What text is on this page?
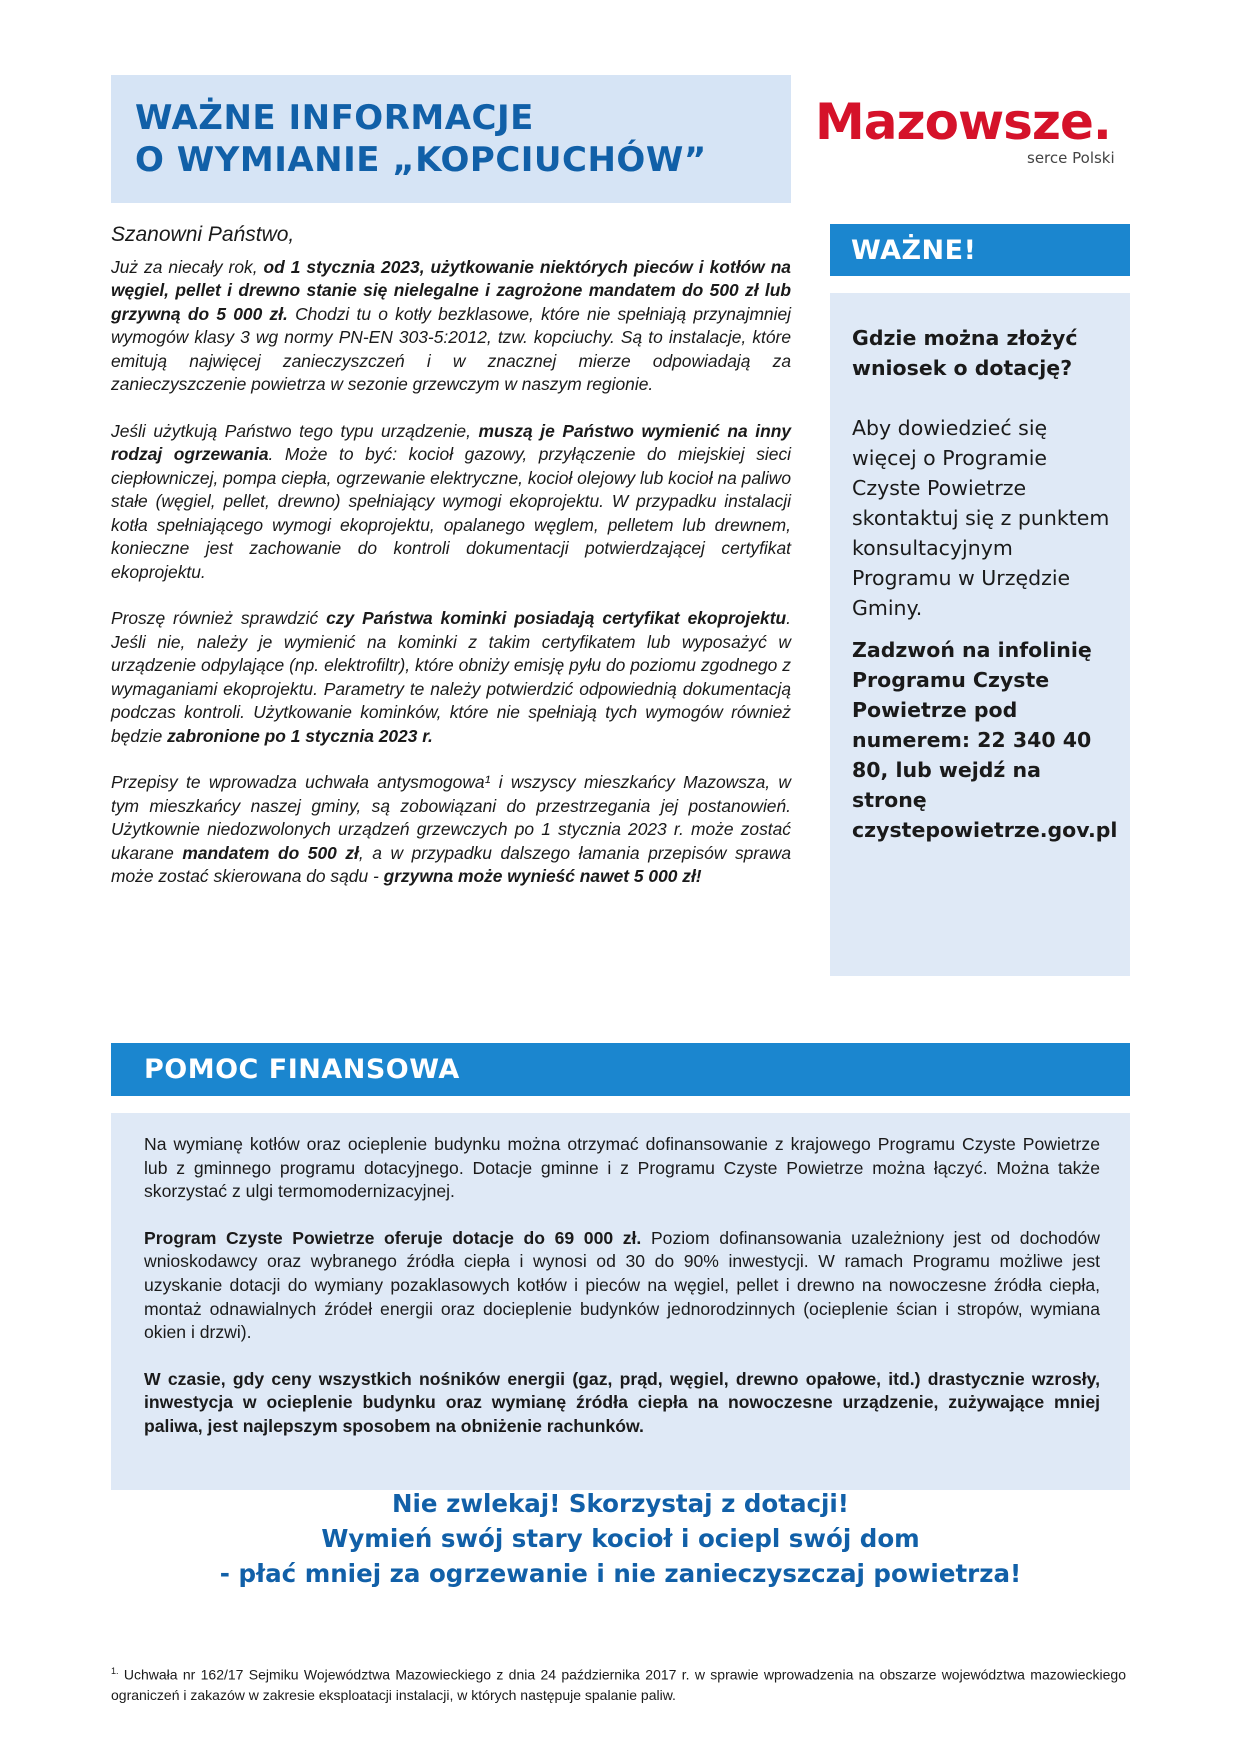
WAŻNE INFORMACJE
O WYMIANIE „KOPCIUCHÓW”
Mazowsze.
serce Polski

Szanowni Państwo,

Już za niecały rok, od 1 stycznia 2023, użytkowanie niektórych pieców i kotłów na węgiel, pellet i drewno stanie się nielegalne i zagrożone mandatem do 500 zł lub grzywną do 5 000 zł. Chodzi tu o kotły bezklasowe, które nie spełniają przynajmniej wymogów klasy 3 wg normy PN-EN 303-5:2012, tzw. kopciuchy. Są to instalacje, które emitują najwięcej zanieczyszczeń i w znacznej mierze odpowiadają za zanieczyszczenie powietrza w sezonie grzewczym w naszym regionie.

Jeśli użytkują Państwo tego typu urządzenie, muszą je Państwo wymienić na inny rodzaj ogrzewania. Może to być: kocioł gazowy, przyłączenie do miejskiej sieci ciepłowniczej, pompa ciepła, ogrzewanie elektryczne, kocioł olejowy lub kocioł na paliwo stałe (węgiel, pellet, drewno) spełniający wymogi ekoprojektu. W przypadku instalacji kotła spełniającego wymogi ekoprojektu, opalanego węglem, pelletem lub drewnem, konieczne jest zachowanie do kontroli dokumentacji potwierdzającej certyfikat ekoprojektu.

Proszę również sprawdzić czy Państwa kominki posiadają certyfikat ekoprojektu. Jeśli nie, należy je wymienić na kominki z takim certyfikatem lub wyposażyć w urządzenie odpylające (np. elektrofiltr), które obniży emisję pyłu do poziomu zgodnego z wymaganiami ekoprojektu. Parametry te należy potwierdzić odpowiednią dokumentacją podczas kontroli. Użytkowanie kominków, które nie spełniają tych wymogów również będzie zabronione po 1 stycznia 2023 r.

Przepisy te wprowadza uchwała antysmogowa¹ i wszyscy mieszkańcy Mazowsza, w tym mieszkańcy naszej gminy, są zobowiązani do przestrzegania jej postanowień. Użytkownie niedozwolonych urządzeń grzewczych po 1 stycznia 2023 r. może zostać ukarane mandatem do 500 zł, a w przypadku dalszego łamania przepisów sprawa może zostać skierowana do sądu - grzywna może wynieść nawet 5 000 zł!

WAŻNE!
Gdzie można złożyć wniosek o dotację?
Aby dowiedzieć się więcej o Programie Czyste Powietrze skontaktuj się z punktem konsultacyjnym Programu w Urzędzie Gminy.
Zadzwoń na infolinię Programu Czyste Powietrze pod numerem: 22 340 40 80, lub wejdź na stronę czystepowietrze.gov.pl
POMOC FINANSOWA

Na wymianę kotłów oraz ocieplenie budynku można otrzymać dofinansowanie z krajowego Programu Czyste Powietrze lub z gminnego programu dotacyjnego. Dotacje gminne i z Programu Czyste Powietrze można łączyć. Można także skorzystać z ulgi termomodernizacyjnej.

Program Czyste Powietrze oferuje dotacje do 69 000 zł. Poziom dofinansowania uzależniony jest od dochodów wnioskodawcy oraz wybranego źródła ciepła i wynosi od 30 do 90% inwestycji. W ramach Programu możliwe jest uzyskanie dotacji do wymiany pozaklasowych kotłów i pieców na węgiel, pellet i drewno na nowoczesne źródła ciepła, montaż odnawialnych źródeł energii oraz docieplenie budynków jednorodzinnych (ocieplenie ścian i stropów, wymiana okien i drzwi).

W czasie, gdy ceny wszystkich nośników energii (gaz, prąd, węgiel, drewno opałowe, itd.) drastycznie wzrosły, inwestycja w ocieplenie budynku oraz wymianę źródła ciepła na nowoczesne urządzenie, zużywające mniej paliwa, jest najlepszym sposobem na obniżenie rachunków.

Nie zwlekaj! Skorzystaj z dotacji!
Wymień swój stary kocioł i ociepl swój dom
- płać mniej za ogrzewanie i nie zanieczyszczaj powietrza!
$^{1.}$ Uchwała nr 162/17 Sejmiku Województwa Mazowieckiego z dnia 24 października 2017 r. w sprawie wprowadzenia na obszarze województwa mazowieckiego ograniczeń i zakazów w zakresie eksploatacji instalacji, w których następuje spalanie paliw.
